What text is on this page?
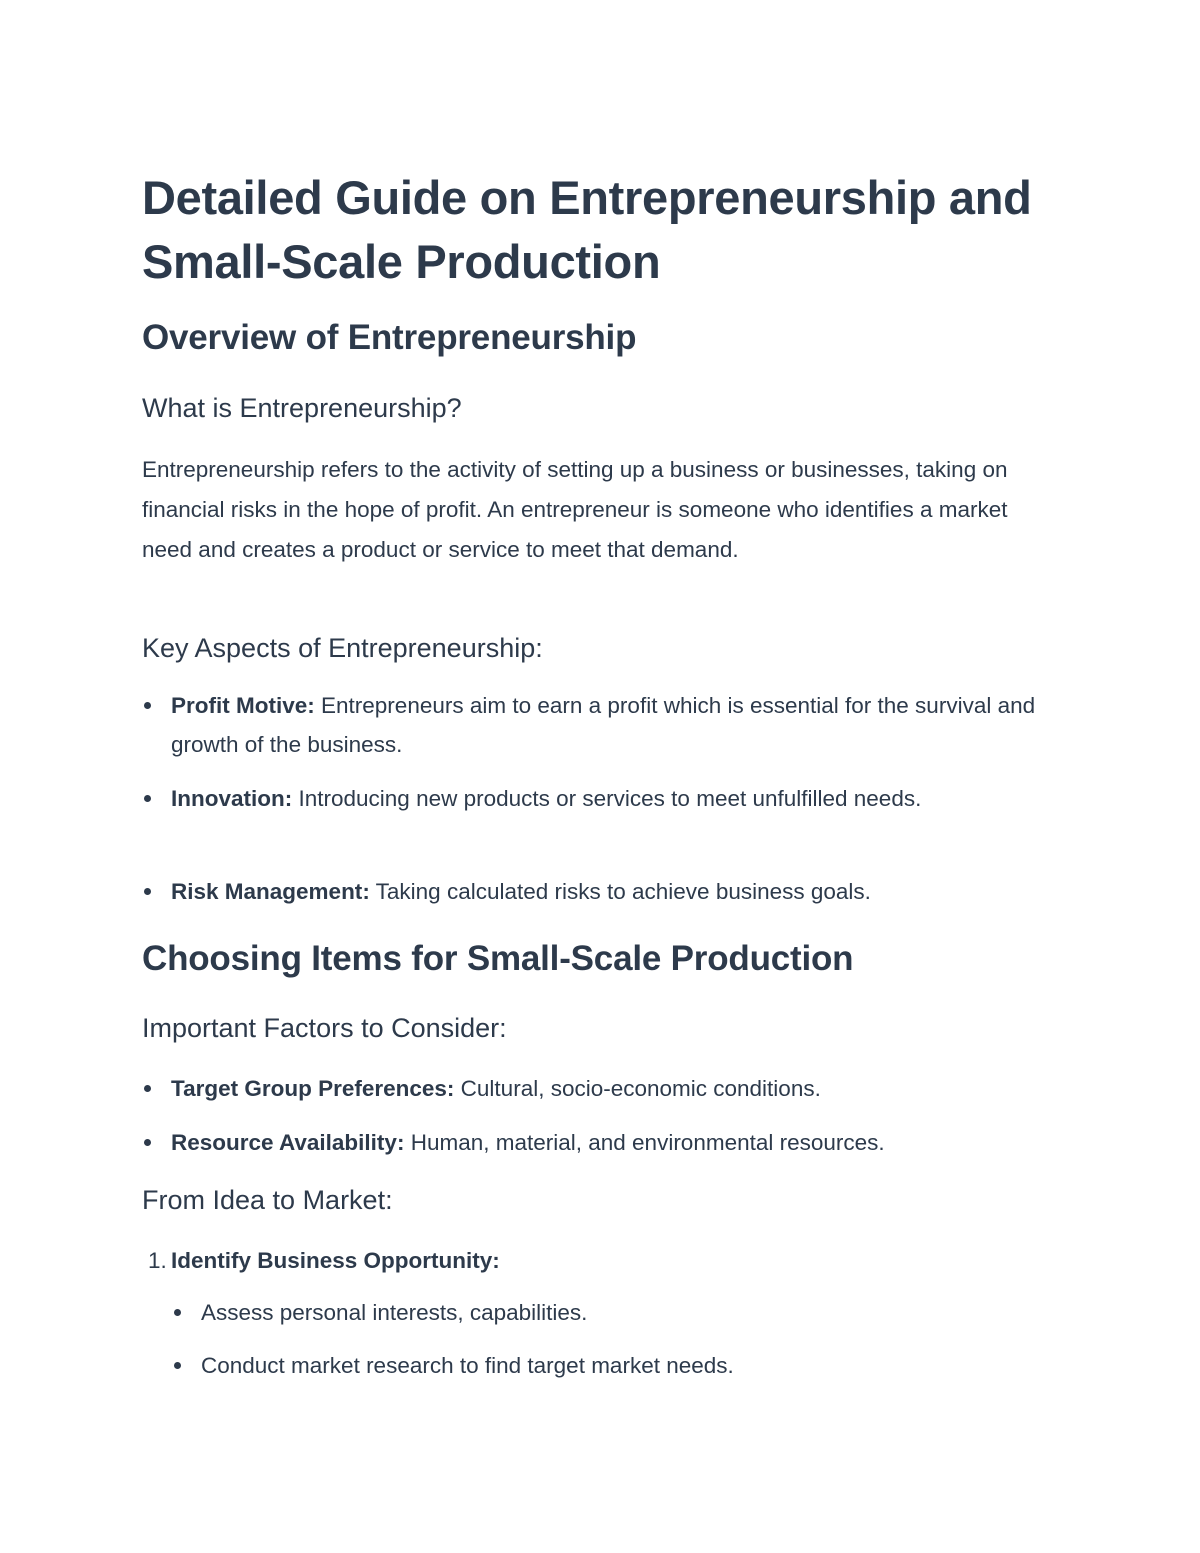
Detailed Guide on Entrepreneurship and Small-Scale Production
Overview of Entrepreneurship
What is Entrepreneurship?

Entrepreneurship refers to the activity of setting up a business or businesses, taking on financial risks in the hope of profit. An entrepreneur is someone who identifies a market need and creates a product or service to meet that demand.

Key Aspects of Entrepreneurship:
Profit Motive: Entrepreneurs aim to earn a profit which is essential for the survival and growth of the business.
Innovation: Introducing new products or services to meet unfulfilled needs.
Risk Management: Taking calculated risks to achieve business goals.
Choosing Items for Small-Scale Production
Important Factors to Consider:
Target Group Preferences: Cultural, socio-economic conditions.
Resource Availability: Human, material, and environmental resources.
From Idea to Market:
1. Identify Business Opportunity:
Assess personal interests, capabilities.
Conduct market research to find target market needs.
